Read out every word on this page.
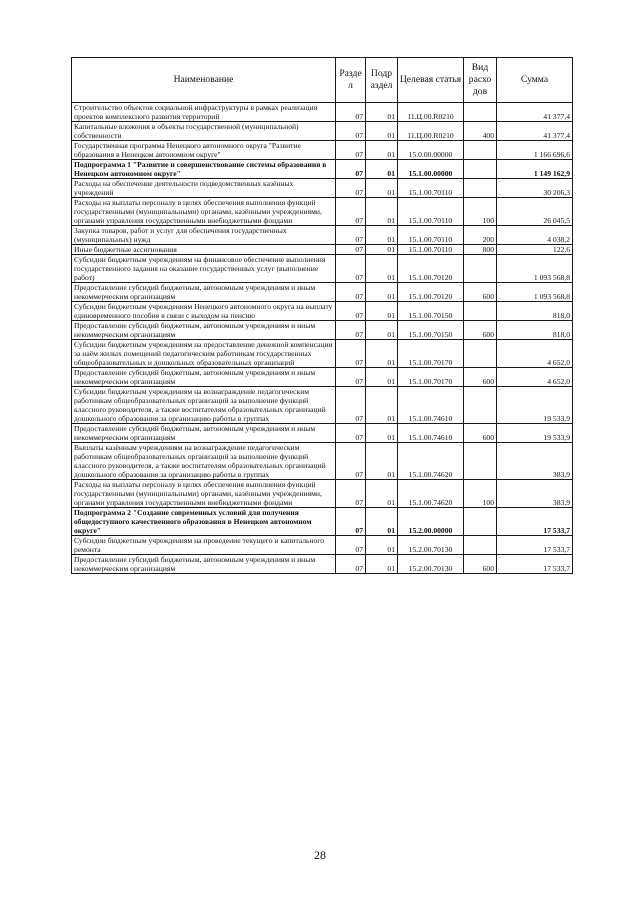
Наименование	Разде л	Подр аздел	Целевая статья	Вид расхо дов	Сумма
Строительство объектов социальной инфраструктуры в рамках реализации проектов комплексного развития территорий	07	01	11.Ц.00.R0210		41 377,4
Капитальные вложения в объекты государственной (муниципальной) собственности	07	01	11.Ц.00.R0210	400	41 377,4
Государственная программа Ненецкого автономного округа "Развитие образования в Ненецком автономном округе"	07	01	15.0.00.00000		1 166 696,6
Подпрограмма 1 "Развитие и совершенствование системы образования в Ненецком автономном округе"	07	01	15.1.00.00000		1 149 162,9
Расходы на обеспечение деятельности подведомственных казённых учреждений	07	01	15.1.00.70110		30 206,3
Расходы на выплаты персоналу в целях обеспечения выполнения функций государственными (муниципальными) органами, казёнными учреждениями, органами управления государственными внебюджетными фондами	07	01	15.1.00.70110	100	26 045,5
Закупка товаров, работ и услуг для обеспечения государственных (муниципальных) нужд	07	01	15.1.00.70110	200	4 038,2
Иные бюджетные ассигнования	07	01	15.1.00.70110	800	122,6
Субсидии бюджетным учреждениям на финансовое обеспечение выполнения государственного задания на оказание государственных услуг (выполнение работ)	07	01	15.1.00.70120		1 093 568,8
Предоставление субсидий бюджетным, автономным учреждениям и иным некоммерческим организациям	07	01	15.1.00.70120	600	1 093 568,8
Субсидии бюджетным учреждениям Ненецкого автономного округа на выплату единовременного пособия в связи с выходом на пенсию	07	01	15.1.00.70150		818,0
Предоставление субсидий бюджетным, автономным учреждениям и иным некоммерческим организациям	07	01	15.1.00.70150	600	818,0
Субсидии бюджетным учреждениям на предоставление денежной компенсации за наём жилых помещений педагогическим работникам государственных общеобразовательных и дошкольных образовательных организаций	07	01	15.1.00.70170		4 652,0
Предоставление субсидий бюджетным, автономным учреждениям и иным некоммерческим организациям	07	01	15.1.00.70170	600	4 652,0
Субсидии бюджетным учреждениям на вознаграждение педагогическим работникам общеобразовательных организаций за выполнение функций классного руководителя, а также воспитателям образовательных организаций дошкольного образования за организацию работы в группах	07	01	15.1.00.74610		19 533,9
Предоставление субсидий бюджетным, автономным учреждениям и иным некоммерческим организациям	07	01	15.1.00.74610	600	19 533,9
Выплаты казённым учреждениям на вознаграждение педагогическим работникам общеобразовательных организаций за выполнение функций классного руководителя, а также воспитателям образовательных организаций дошкольного образования за организацию работы в группах	07	01	15.1.00.74620		383,9
Расходы на выплаты персоналу в целях обеспечения выполнения функций государственными (муниципальными) органами, казёнными учреждениями, органами управления государственными внебюджетными фондами	07	01	15.1.00.74620	100	383,9
Подпрограмма 2 "Создание современных условий для получения общедоступного качественного образования в Ненецком автономном округе"	07	01	15.2.00.00000		17 533,7
Субсидии бюджетным учреждениям на проведение текущего и капитального ремонта	07	01	15.2.00.70130		17 533,7
Предоставление субсидий бюджетным, автономным учреждениям и иным некоммерческим организациям	07	01	15.2.00.70130	600	17 533,7
28
